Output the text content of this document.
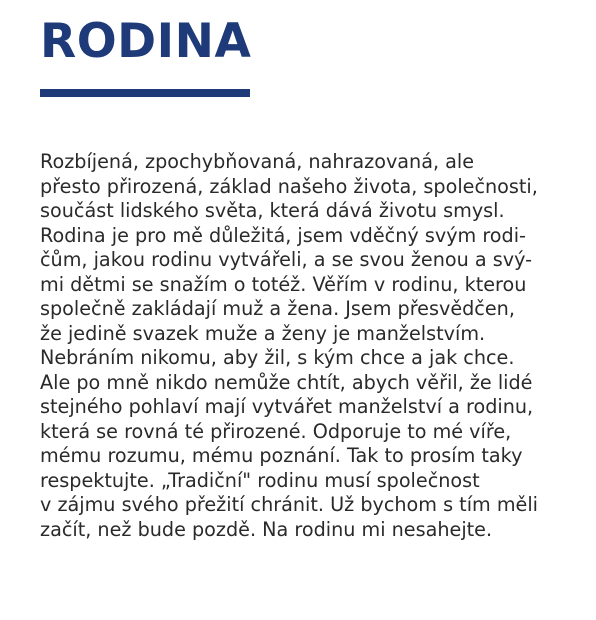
RODINA

Rozbíjená, zpochybňovaná, nahrazovaná, ale
přesto přirozená, základ našeho života, společnosti,
součást lidského světa, která dává životu smysl.
Rodina je pro mě důležitá, jsem vděčný svým rodi-
čům, jakou rodinu vytvářeli, a se svou ženou a svý-
mi dětmi se snažím o totéž. Věřím v rodinu, kterou
společně zakládají muž a žena. Jsem přesvědčen,
že jedině svazek muže a ženy je manželstvím.
Nebráním nikomu, aby žil, s kým chce a jak chce.
Ale po mně nikdo nemůže chtít, abych věřil, že lidé
stejného pohlaví mají vytvářet manželství a rodinu,
která se rovná té přirozené. Odporuje to mé víře,
mému rozumu, mému poznání. Tak to prosím taky
respektujte. „Tradiční" rodinu musí společnost
v zájmu svého přežití chránit. Už bychom s tím měli
začít, než bude pozdě. Na rodinu mi nesahejte.
